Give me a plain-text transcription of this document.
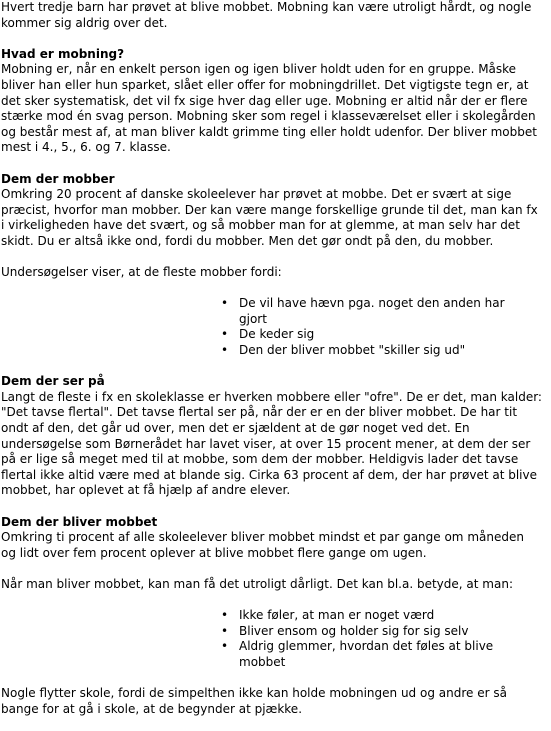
Hvert tredje barn har prøvet at blive mobbet. Mobning kan være utroligt hårdt, og nogle kommer sig aldrig over det.

Hvad er mobning?

Mobning er, når en enkelt person igen og igen bliver holdt uden for en gruppe. Måske bliver han eller hun sparket, slået eller offer for mobningdrillet. Det vigtigste tegn er, at det sker systematisk, det vil fx sige hver dag eller uge. Mobning er altid når der er flere stærke mod én svag person. Mobning sker som regel i klasseværelset eller i skolegården og består mest af, at man bliver kaldt grimme ting eller holdt udenfor. Der bliver mobbet mest i 4., 5., 6. og 7. klasse.

Dem der mobber

Omkring 20 procent af danske skoleelever har prøvet at mobbe. Det er svært at sige præcist, hvorfor man mobber. Der kan være mange forskellige grunde til det, man kan fx i virkeligheden have det svært, og så mobber man for at glemme, at man selv har det skidt. Du er altså ikke ond, fordi du mobber. Men det gør ondt på den, du mobber.

Undersøgelser viser, at de fleste mobber fordi:

• De vil have hævn pga. noget den anden har gjort
• De keder sig
• Den der bliver mobbet "skiller sig ud"
Dem der ser på

Langt de fleste i fx en skoleklasse er hverken mobbere eller "ofre". De er det, man kalder: "Det tavse flertal". Det tavse flertal ser på, når der er en der bliver mobbet. De har tit ondt af den, det går ud over, men det er sjældent at de gør noget ved det. En undersøgelse som Børnerådet har lavet viser, at over 15 procent mener, at dem der ser på er lige så meget med til at mobbe, som dem der mobber. Heldigvis lader det tavse flertal ikke altid være med at blande sig. Cirka 63 procent af dem, der har prøvet at blive mobbet, har oplevet at få hjælp af andre elever.

Dem der bliver mobbet

Omkring ti procent af alle skoleelever bliver mobbet mindst et par gange om måneden og lidt over fem procent oplever at blive mobbet flere gange om ugen.

Når man bliver mobbet, kan man få det utroligt dårligt. Det kan bl.a. betyde, at man:

• Ikke føler, at man er noget værd
• Bliver ensom og holder sig for sig selv
• Aldrig glemmer, hvordan det føles at blive mobbet

Nogle flytter skole, fordi de simpelthen ikke kan holde mobningen ud og andre er så bange for at gå i skole, at de begynder at pjække.
